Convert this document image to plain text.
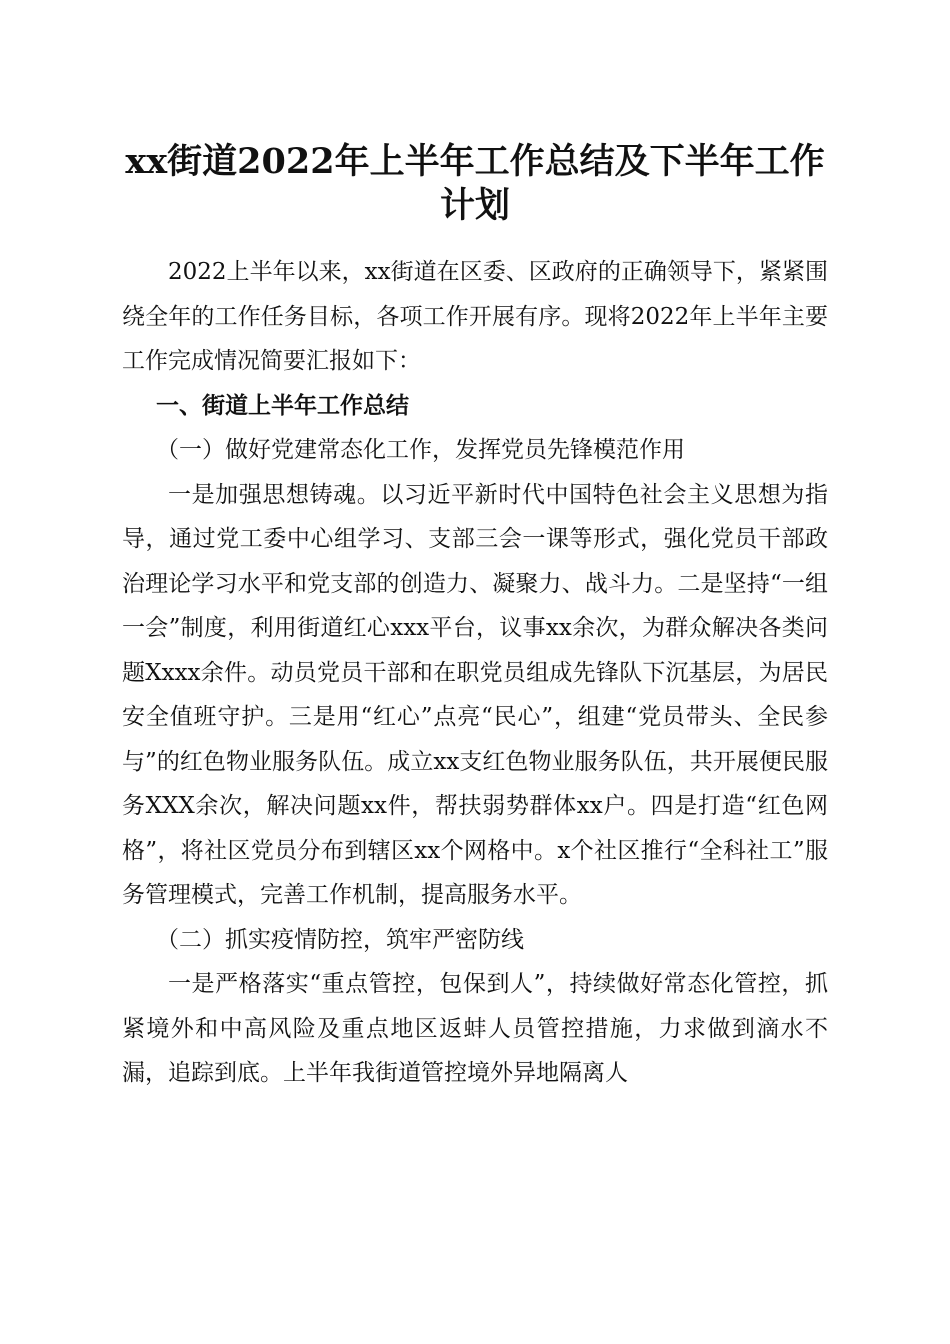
xx街道2022年上半年工作总结及下半年工作计划

2022上半年以来，xx街道在区委、区政府的正确领导下，紧紧围绕全年的工作任务目标，各项工作开展有序。现将2022年上半年主要工作完成情况简要汇报如下：

一、街道上半年工作总结

（一）做好党建常态化工作，发挥党员先锋模范作用

一是加强思想铸魂。以习近平新时代中国特色社会主义思想为指导，通过党工委中心组学习、支部三会一课等形式，强化党员干部政治理论学习水平和党支部的创造力、凝聚力、战斗力。二是坚持“一组一会”制度，利用街道红心xxx平台，议事xx余次，为群众解决各类问题Xxxx余件。动员党员干部和在职党员组成先锋队下沉基层，为居民安全值班守护。三是用“红心”点亮“民心”，组建“党员带头、全民参与”的红色物业服务队伍。成立xx支红色物业服务队伍，共开展便民服务XXX余次，解决问题xx件，帮扶弱势群体xx户。四是打造“红色网格”，将社区党员分布到辖区xx个网格中。x个社区推行“全科社工”服务管理模式，完善工作机制，提高服务水平。

（二）抓实疫情防控，筑牢严密防线

一是严格落实“重点管控，包保到人”，持续做好常态化管控，抓紧境外和中高风险及重点地区返蚌人员管控措施，力求做到滴水不漏，追踪到底。上半年我街道管控境外异地隔离人
